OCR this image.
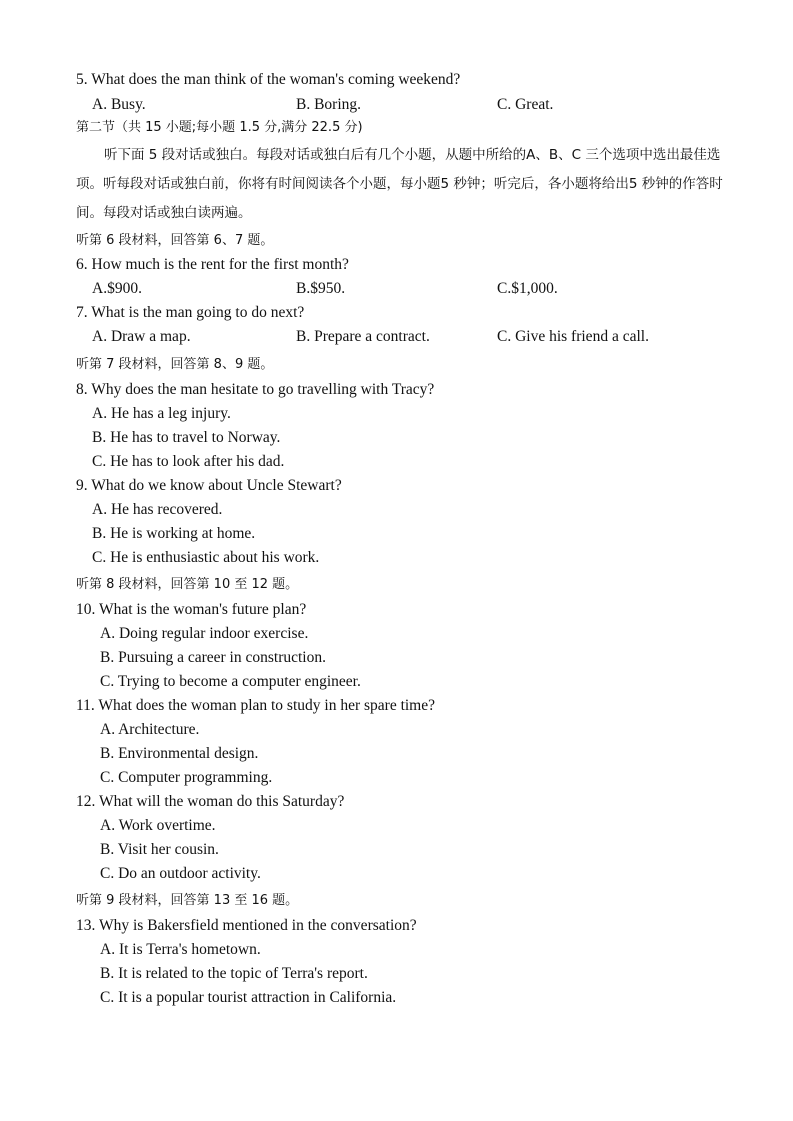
5. What does the man think of the woman's coming weekend?
A. Busy.	B. Boring.	C. Great.
第二节（共 15 小题;每小题 1.5 分,满分 22.5 分)
听下面 5 段对话或独白。每段对话或独白后有几个小题，从题中所给的A、B、C 三个选项中选出最佳选项。听每段对话或独白前，你将有时间阅读各个小题，每小题5 秒钟；听完后，各小题将给出5 秒钟的作答时间。每段对话或独白读两遍。
听第 6 段材料，回答第 6、7 题。
6. How much is the rent for the first month?
A.$900.	B.$950.	C.$1,000.
7. What is the man going to do next?
A. Draw a map.	B. Prepare a contract.	C. Give his friend a call.
听第 7 段材料，回答第 8、9 题。
8. Why does the man hesitate to go travelling with Tracy?
A. He has a leg injury.
B. He has to travel to Norway.
C. He has to look after his dad.
9. What do we know about Uncle Stewart?
A. He has recovered.
B. He is working at home.
C. He is enthusiastic about his work.
听第 8 段材料，回答第 10 至 12 题。
10. What is the woman's future plan?
A. Doing regular indoor exercise.
B. Pursuing a career in construction.
C. Trying to become a computer engineer.
11. What does the woman plan to study in her spare time?
A. Architecture.
B. Environmental design.
C. Computer programming.
12. What will the woman do this Saturday?
A. Work overtime.
B. Visit her cousin.
C. Do an outdoor activity.
听第 9 段材料，回答第 13 至 16 题。
13. Why is Bakersfield mentioned in the conversation?
A. It is Terra's hometown.
B. It is related to the topic of Terra's report.
C. It is a popular tourist attraction in California.
